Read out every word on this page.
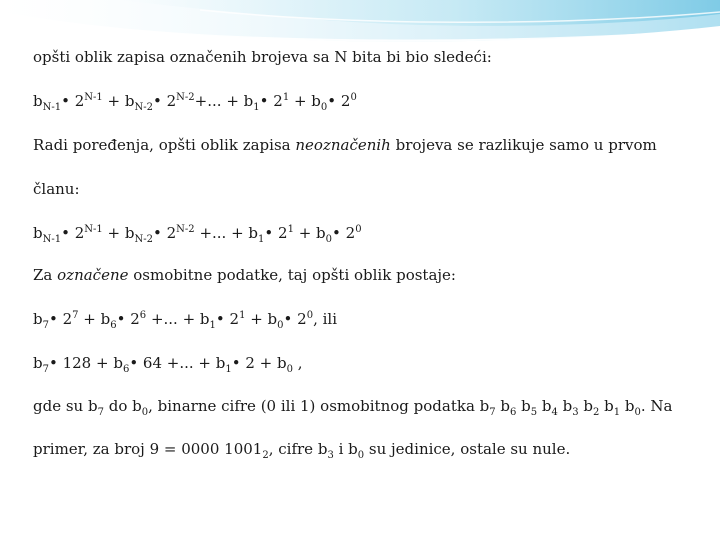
opšti oblik zapisa označenih brojeva sa N bita bi bio sledeći:

$b_{N-1}•$ $2^{N-1}$ + $b_{N-2}•$ $2^{N-2}+$... + $b_1•$ $2^1$ + $b_0•$ $2^0$

Radi poređenja, opšti oblik zapisa neoznačenih brojeva se razlikuje samo u prvom

članu:

$b_{N-1}•$ $2^{N-1}$ + $b_{N-2}•$ $2^{N-2}$ +... + $b_1•$ $2^1$ + $b_0•$ $2^0$

Za označene osmobitne podatke, taj opšti oblik postaje:

$b_7•$ $2^7$ + $b_6•$ $2^6$ +... + $b_1•$ $2^1$ + $b_0•$ $2^0$, ili

$b_7•$ $128 + b_6•$ 64 +... + $b_1•$ $2 + b_0$ ,

gde su $b_7$ do $b_0$, binarne cifre (0 ili 1) osmobitnog podatka $b_7$ $b_6$ $b_5$ $b_4$ $b_3$ $b_2$ $b_1$ $b_0$. Na

primer, za broj 9 = 0000 $1001_2$, cifre $b_3$ i $b_0$ su jedinice, ostale su nule.
